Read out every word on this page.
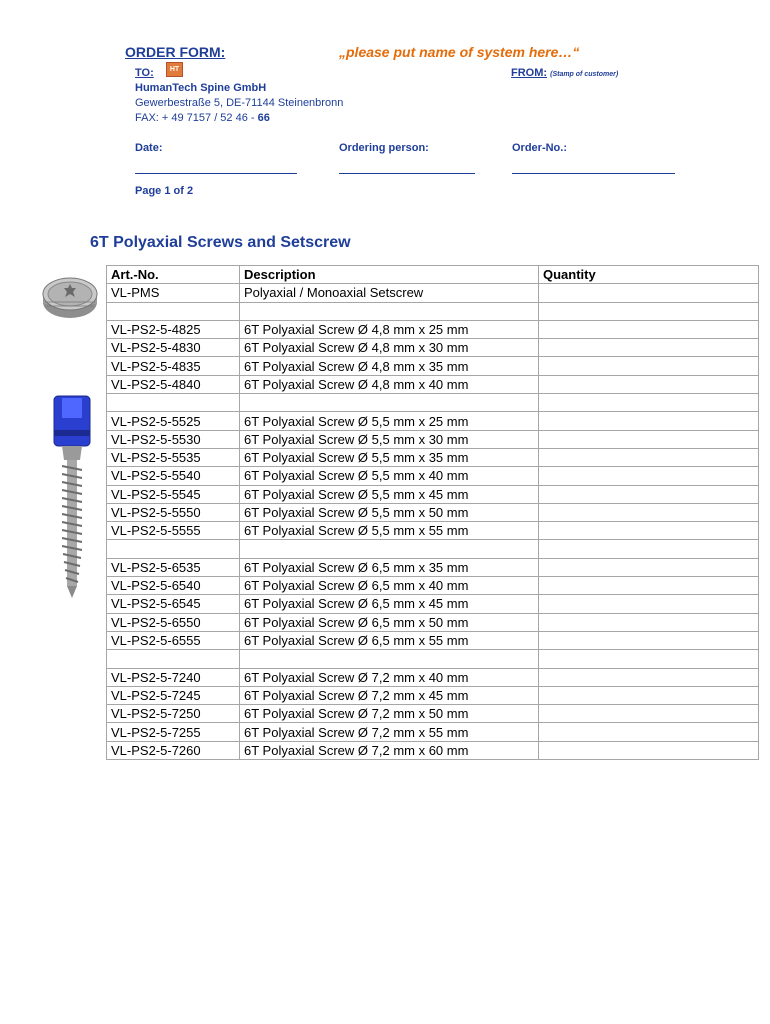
ORDER FORM:	„please put name of system here…“
TO:	HT	FROM: (Stamp of customer)
HumanTech Spine GmbH
Gewerbestraße 5, DE-71144 Steinenbronn
FAX: + 49 7157 / 52 46 - 66
Date:	Ordering person:	Order-No.:
Page 1 of 2
6T Polyaxial Screws and Setscrew
Art.-No.	Description	Quantity
VL-PMS	Polyaxial / Monoaxial Setscrew	

VL-PS2-5-4825	6T Polyaxial Screw Ø 4,8 mm x 25 mm	
VL-PS2-5-4830	6T Polyaxial Screw Ø 4,8 mm x 30 mm	
VL-PS2-5-4835	6T Polyaxial Screw Ø 4,8 mm x 35 mm	
VL-PS2-5-4840	6T Polyaxial Screw Ø 4,8 mm x 40 mm	

VL-PS2-5-5525	6T Polyaxial Screw Ø 5,5 mm x 25 mm	
VL-PS2-5-5530	6T Polyaxial Screw Ø 5,5 mm x 30 mm	
VL-PS2-5-5535	6T Polyaxial Screw Ø 5,5 mm x 35 mm	
VL-PS2-5-5540	6T Polyaxial Screw Ø 5,5 mm x 40 mm	
VL-PS2-5-5545	6T Polyaxial Screw Ø 5,5 mm x 45 mm	
VL-PS2-5-5550	6T Polyaxial Screw Ø 5,5 mm x 50 mm	
VL-PS2-5-5555	6T Polyaxial Screw Ø 5,5 mm x 55 mm	

VL-PS2-5-6535	6T Polyaxial Screw Ø 6,5 mm x 35 mm	
VL-PS2-5-6540	6T Polyaxial Screw Ø 6,5 mm x 40 mm	
VL-PS2-5-6545	6T Polyaxial Screw Ø 6,5 mm x 45 mm	
VL-PS2-5-6550	6T Polyaxial Screw Ø 6,5 mm x 50 mm	
VL-PS2-5-6555	6T Polyaxial Screw Ø 6,5 mm x 55 mm	

VL-PS2-5-7240	6T Polyaxial Screw Ø 7,2 mm x 40 mm	
VL-PS2-5-7245	6T Polyaxial Screw Ø 7,2 mm x 45 mm	
VL-PS2-5-7250	6T Polyaxial Screw Ø 7,2 mm x 50 mm	
VL-PS2-5-7255	6T Polyaxial Screw Ø 7,2 mm x 55 mm	
VL-PS2-5-7260	6T Polyaxial Screw Ø 7,2 mm x 60 mm	
